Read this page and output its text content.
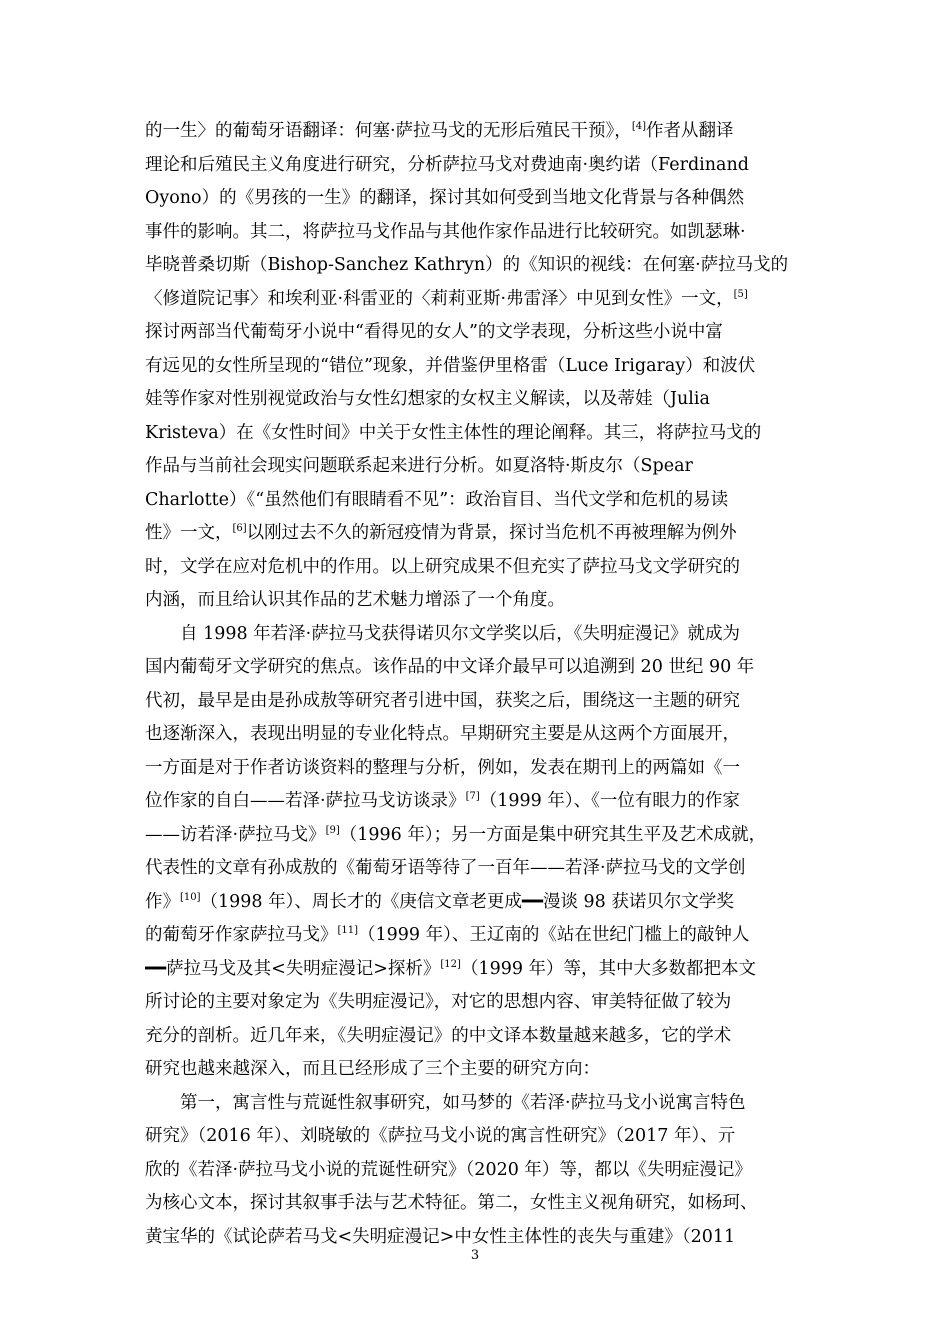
的一生〉的葡萄牙语翻译：何塞·萨拉马戈的无形后殖民干预》，[4]作者从翻译
理论和后殖民主义角度进行研究，分析萨拉马戈对费迪南·奥约诺（Ferdinand
Oyono）的《男孩的一生》的翻译，探讨其如何受到当地文化背景与各种偶然
事件的影响。其二，将萨拉马戈作品与其他作家作品进行比较研究。如凯瑟琳·
毕晓普桑切斯（Bishop-Sanchez Kathryn）的《知识的视线：在何塞·萨拉马戈的
〈修道院记事〉和埃利亚·科雷亚的〈莉莉亚斯·弗雷泽〉中见到女性》一文，[5]
探讨两部当代葡萄牙小说中“看得见的女人”的文学表现，分析这些小说中富
有远见的女性所呈现的“错位”现象，并借鉴伊里格雷（Luce Irigaray）和波伏
娃等作家对性别视觉政治与女性幻想家的女权主义解读，以及蒂娃（Julia
Kristeva）在《女性时间》中关于女性主体性的理论阐释。其三，将萨拉马戈的
作品与当前社会现实问题联系起来进行分析。如夏洛特·斯皮尔（Spear
Charlotte）《“虽然他们有眼睛看不见”：政治盲目、当代文学和危机的易读
性》一文，[6]以刚过去不久的新冠疫情为背景，探讨当危机不再被理解为例外
时，文学在应对危机中的作用。以上研究成果不但充实了萨拉马戈文学研究的
内涵，而且给认识其作品的艺术魅力增添了一个角度。
自 1998 年若泽·萨拉马戈获得诺贝尔文学奖以后，《失明症漫记》就成为
国内葡萄牙文学研究的焦点。该作品的中文译介最早可以追溯到 20 世纪 90 年
代初，最早是由是孙成敖等研究者引进中国，获奖之后，围绕这一主题的研究
也逐渐深入，表现出明显的专业化特点。早期研究主要是从这两个方面展开，
一方面是对于作者访谈资料的整理与分析，例如，发表在期刊上的两篇如《一
位作家的自白——若泽·萨拉马戈访谈录》[7]（1999 年）、《一位有眼力的作家
——访若泽·萨拉马戈》[9]（1996 年）；另一方面是集中研究其生平及艺术成就，
代表性的文章有孙成敖的《葡萄牙语等待了一百年——若泽·萨拉马戈的文学创
作》[10]（1998 年）、周长才的《庚信文章老更成━━漫谈 98 获诺贝尔文学奖
的葡萄牙作家萨拉马戈》[11]（1999 年）、王辽南的《站在世纪门槛上的敲钟人
━━萨拉马戈及其<失明症漫记>探析》[12]（1999 年）等，其中大多数都把本文
所讨论的主要对象定为《失明症漫记》，对它的思想内容、审美特征做了较为
充分的剖析。近几年来，《失明症漫记》的中文译本数量越来越多，它的学术
研究也越来越深入，而且已经形成了三个主要的研究方向：
第一，寓言性与荒诞性叙事研究，如马梦的《若泽·萨拉马戈小说寓言特色
研究》（2016 年）、刘晓敏的《萨拉马戈小说的寓言性研究》（2017 年）、亓
欣的《若泽·萨拉马戈小说的荒诞性研究》（2020 年）等，都以《失明症漫记》
为核心文本，探讨其叙事手法与艺术特征。第二，女性主义视角研究，如杨珂、
黄宝华的《试论萨若马戈<失明症漫记>中女性主体性的丧失与重建》（2011
3
